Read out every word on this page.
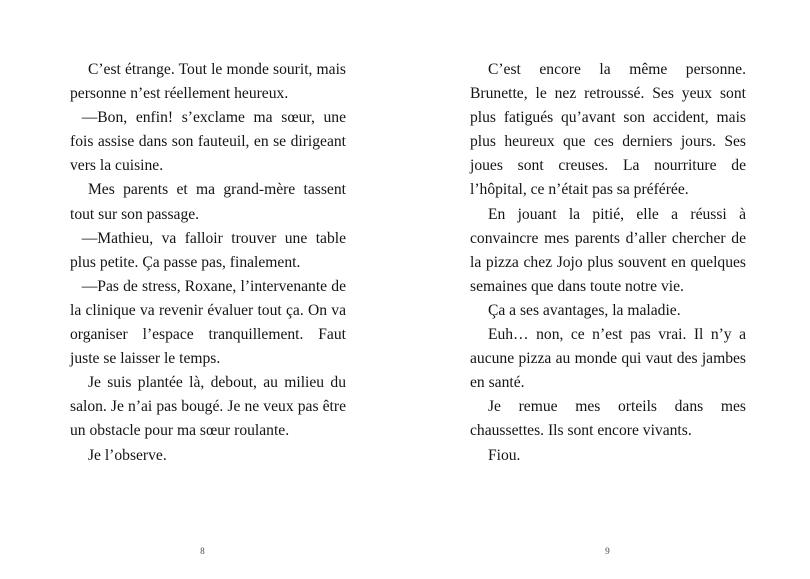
C’est étrange. Tout le monde sourit, mais personne n’est réellement heureux.

—Bon, enfin! s’exclame ma sœur, une fois assise dans son fauteuil, en se dirigeant vers la cuisine.

Mes parents et ma grand-mère tassent tout sur son passage.

—Mathieu, va falloir trouver une table plus petite. Ça passe pas, finalement.

—Pas de stress, Roxane, l’intervenante de la clinique va revenir évaluer tout ça. On va organiser l’espace tranquillement. Faut juste se laisser le temps.

Je suis plantée là, debout, au milieu du salon. Je n’ai pas bougé. Je ne veux pas être un obstacle pour ma sœur roulante.

Je l’observe.

8

C’est encore la même personne. Brunette, le nez retroussé. Ses yeux sont plus fatigués qu’avant son accident, mais plus heureux que ces derniers jours. Ses joues sont creuses. La nourriture de l’hôpital, ce n’était pas sa préférée.

En jouant la pitié, elle a réussi à convaincre mes parents d’aller chercher de la pizza chez Jojo plus souvent en quelques semaines que dans toute notre vie.

Ça a ses avantages, la maladie.

Euh… non, ce n’est pas vrai. Il n’y a aucune pizza au monde qui vaut des jambes en santé.

Je remue mes orteils dans mes chaussettes. Ils sont encore vivants.

Fiou.

9
